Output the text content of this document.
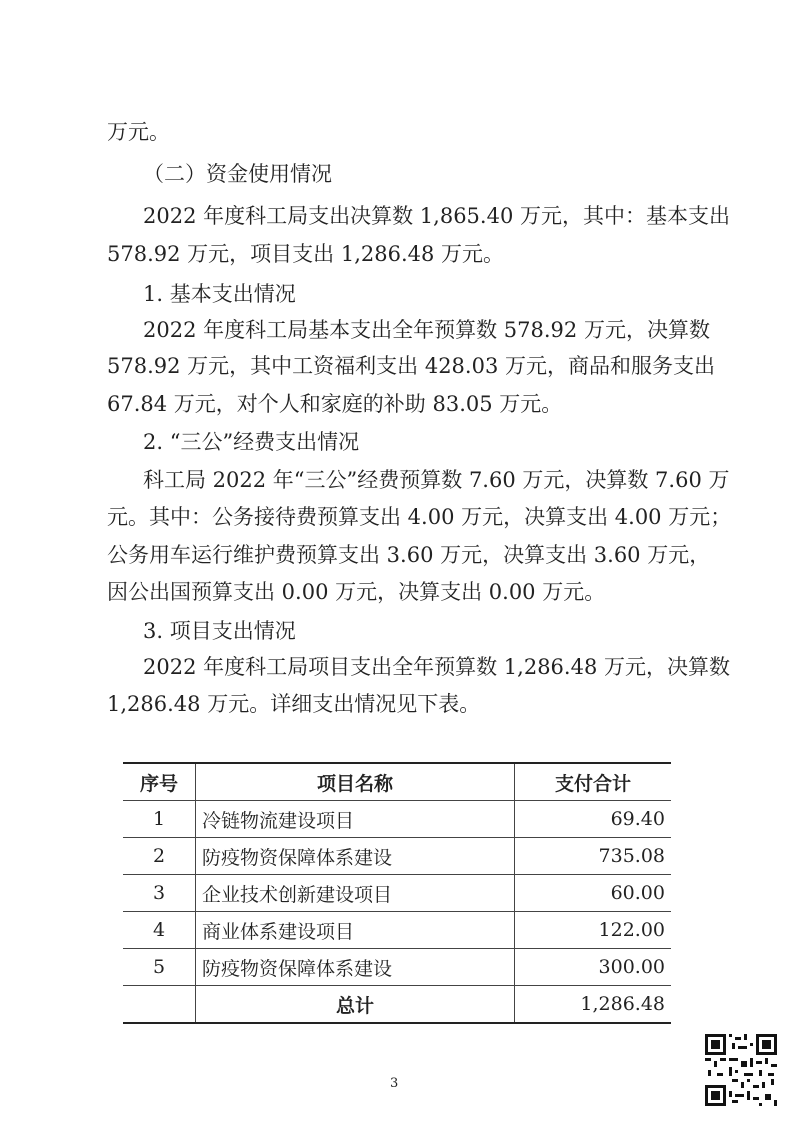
万元。
（二）资金使用情况
2022 年度科工局支出决算数 1,865.40 万元，其中：基本支出
578.92 万元，项目支出 1,286.48 万元。
1. 基本支出情况
2022 年度科工局基本支出全年预算数 578.92 万元，决算数
578.92 万元，其中工资福利支出 428.03 万元，商品和服务支出
67.84 万元，对个人和家庭的补助 83.05 万元。
2. “三公”经费支出情况
科工局 2022 年“三公”经费预算数 7.60 万元，决算数 7.60 万
元。其中：公务接待费预算支出 4.00 万元，决算支出 4.00 万元；
公务用车运行维护费预算支出 3.60 万元，决算支出 3.60 万元，
因公出国预算支出 0.00 万元，决算支出 0.00 万元。
3. 项目支出情况
2022 年度科工局项目支出全年预算数 1,286.48 万元，决算数
1,286.48 万元。详细支出情况见下表。
序号	项目名称	支付合计
1	冷链物流建设项目	69.40
2	防疫物资保障体系建设	735.08
3	企业技术创新建设项目	60.00
4	商业体系建设项目	122.00
5	防疫物资保障体系建设	300.00
	总计	1,286.48
3
